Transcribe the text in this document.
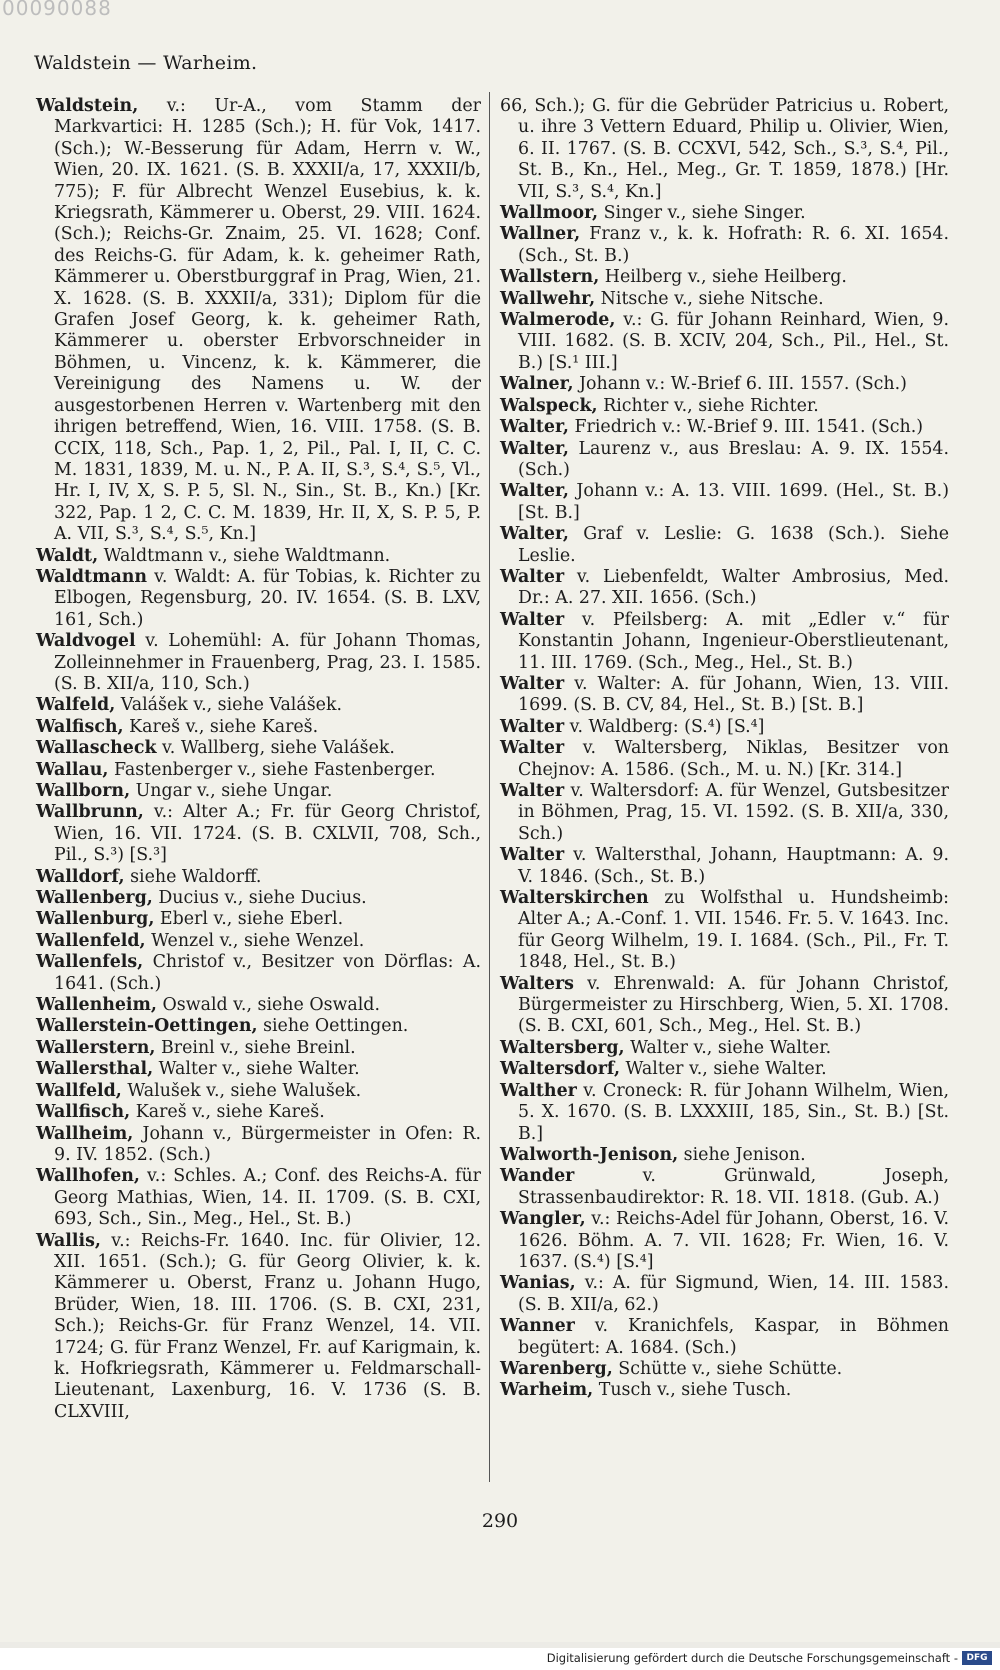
00090088
Waldstein — Warheim.

Waldstein, v.: Ur-A., vom Stamm der Markvartici: H. 1285 (Sch.); H. für Vok, 1417. (Sch.); W.-Besserung für Adam, Herrn v. W., Wien, 20. IX. 1621. (S. B. XXXII/a, 17, XXXII/b, 775); F. für Albrecht Wenzel Eusebius, k. k. Kriegsrath, Kämmerer u. Oberst, 29. VIII. 1624. (Sch.); Reichs-Gr. Znaim, 25. VI. 1628; Conf. des Reichs-G. für Adam, k. k. geheimer Rath, Kämmerer u. Oberstburggraf in Prag, Wien, 21. X. 1628. (S. B. XXXII/a, 331); Diplom für die Grafen Josef Georg, k. k. geheimer Rath, Kämmerer u. oberster Erbvorschneider in Böhmen, u. Vincenz, k. k. Kämmerer, die Vereinigung des Namens u. W. der ausgestorbenen Herren v. Wartenberg mit den ihrigen betreffend, Wien, 16. VIII. 1758. (S. B. CCIX, 118, Sch., Pap. 1, 2, Pil., Pal. I, II, C. C. M. 1831, 1839, M. u. N., P. A. II, S.³, S.⁴, S.⁵, Vl., Hr. I, IV, X, S. P. 5, Sl. N., Sin., St. B., Kn.) [Kr. 322, Pap. 1 2, C. C. M. 1839, Hr. II, X, S. P. 5, P. A. VII, S.³, S.⁴, S.⁵, Kn.]

Waldt, Waldtmann v., siehe Waldtmann.

Waldtmann v. Waldt: A. für Tobias, k. Richter zu Elbogen, Regensburg, 20. IV. 1654. (S. B. LXV, 161, Sch.)

Waldvogel v. Lohemühl: A. für Johann Thomas, Zolleinnehmer in Frauenberg, Prag, 23. I. 1585. (S. B. XII/a, 110, Sch.)

Walfeld, Valášek v., siehe Valášek.

Walfisch, Kareš v., siehe Kareš.

Wallascheck v. Wallberg, siehe Valášek.

Wallau, Fastenberger v., siehe Fastenberger.

Wallborn, Ungar v., siehe Ungar.

Wallbrunn, v.: Alter A.; Fr. für Georg Christof, Wien, 16. VII. 1724. (S. B. CXLVII, 708, Sch., Pil., S.³) [S.³]

Walldorf, siehe Waldorff.

Wallenberg, Ducius v., siehe Ducius.

Wallenburg, Eberl v., siehe Eberl.

Wallenfeld, Wenzel v., siehe Wenzel.

Wallenfels, Christof v., Besitzer von Dörflas: A. 1641. (Sch.)

Wallenheim, Oswald v., siehe Oswald.

Wallerstein-Oettingen, siehe Oettingen.

Wallerstern, Breinl v., siehe Breinl.

Wallersthal, Walter v., siehe Walter.

Wallfeld, Walušek v., siehe Walušek.

Wallfisch, Kareš v., siehe Kareš.

Wallheim, Johann v., Bürgermeister in Ofen: R. 9. IV. 1852. (Sch.)

Wallhofen, v.: Schles. A.; Conf. des Reichs-A. für Georg Mathias, Wien, 14. II. 1709. (S. B. CXI, 693, Sch., Sin., Meg., Hel., St. B.)

Wallis, v.: Reichs-Fr. 1640. Inc. für Olivier, 12. XII. 1651. (Sch.); G. für Georg Olivier, k. k. Kämmerer u. Oberst, Franz u. Johann Hugo, Brüder, Wien, 18. III. 1706. (S. B. CXI, 231, Sch.); Reichs-Gr. für Franz Wenzel, 14. VII. 1724; G. für Franz Wenzel, Fr. auf Karigmain, k. k. Hofkriegsrath, Kämmerer u. Feldmarschall-Lieutenant, Laxenburg, 16. V. 1736 (S. B. CLXVIII,

66, Sch.); G. für die Gebrüder Patricius u. Robert, u. ihre 3 Vettern Eduard, Philip u. Olivier, Wien, 6. II. 1767. (S. B. CCXVI, 542, Sch., S.³, S.⁴, Pil., St. B., Kn., Hel., Meg., Gr. T. 1859, 1878.) [Hr. VII, S.³, S.⁴, Kn.]

Wallmoor, Singer v., siehe Singer.

Wallner, Franz v., k. k. Hofrath: R. 6. XI. 1654. (Sch., St. B.)

Wallstern, Heilberg v., siehe Heilberg.

Wallwehr, Nitsche v., siehe Nitsche.

Walmerode, v.: G. für Johann Reinhard, Wien, 9. VIII. 1682. (S. B. XCIV, 204, Sch., Pil., Hel., St. B.) [S.¹ III.]

Walner, Johann v.: W.-Brief 6. III. 1557. (Sch.)

Walspeck, Richter v., siehe Richter.

Walter, Friedrich v.: W.-Brief 9. III. 1541. (Sch.)

Walter, Laurenz v., aus Breslau: A. 9. IX. 1554. (Sch.)

Walter, Johann v.: A. 13. VIII. 1699. (Hel., St. B.) [St. B.]

Walter, Graf v. Leslie: G. 1638 (Sch.). Siehe Leslie.

Walter v. Liebenfeldt, Walter Ambrosius, Med. Dr.: A. 27. XII. 1656. (Sch.)

Walter v. Pfeilsberg: A. mit „Edler v.“ für Konstantin Johann, Ingenieur-Oberstlieutenant, 11. III. 1769. (Sch., Meg., Hel., St. B.)

Walter v. Walter: A. für Johann, Wien, 13. VIII. 1699. (S. B. CV, 84, Hel., St. B.) [St. B.]

Walter v. Waldberg: (S.⁴) [S.⁴]

Walter v. Waltersberg, Niklas, Besitzer von Chejnov: A. 1586. (Sch., M. u. N.) [Kr. 314.]

Walter v. Waltersdorf: A. für Wenzel, Gutsbesitzer in Böhmen, Prag, 15. VI. 1592. (S. B. XII/a, 330, Sch.)

Walter v. Waltersthal, Johann, Hauptmann: A. 9. V. 1846. (Sch., St. B.)

Walterskirchen zu Wolfsthal u. Hundsheimb: Alter A.; A.-Conf. 1. VII. 1546. Fr. 5. V. 1643. Inc. für Georg Wilhelm, 19. I. 1684. (Sch., Pil., Fr. T. 1848, Hel., St. B.)

Walters v. Ehrenwald: A. für Johann Christof, Bürgermeister zu Hirschberg, Wien, 5. XI. 1708. (S. B. CXI, 601, Sch., Meg., Hel. St. B.)

Waltersberg, Walter v., siehe Walter.

Waltersdorf, Walter v., siehe Walter.

Walther v. Croneck: R. für Johann Wilhelm, Wien, 5. X. 1670. (S. B. LXXXIII, 185, Sin., St. B.) [St. B.]

Walworth-Jenison, siehe Jenison.

Wander v. Grünwald, Joseph, Strassenbaudirektor: R. 18. VII. 1818. (Gub. A.)

Wangler, v.: Reichs-Adel für Johann, Oberst, 16. V. 1626. Böhm. A. 7. VII. 1628; Fr. Wien, 16. V. 1637. (S.⁴) [S.⁴]

Wanias, v.: A. für Sigmund, Wien, 14. III. 1583. (S. B. XII/a, 62.)

Wanner v. Kranichfels, Kaspar, in Böhmen begütert: A. 1684. (Sch.)

Warenberg, Schütte v., siehe Schütte.

Warheim, Tusch v., siehe Tusch.

290
Digitalisierung gefördert durch die Deutsche Forschungsgemeinschaft - DFG
